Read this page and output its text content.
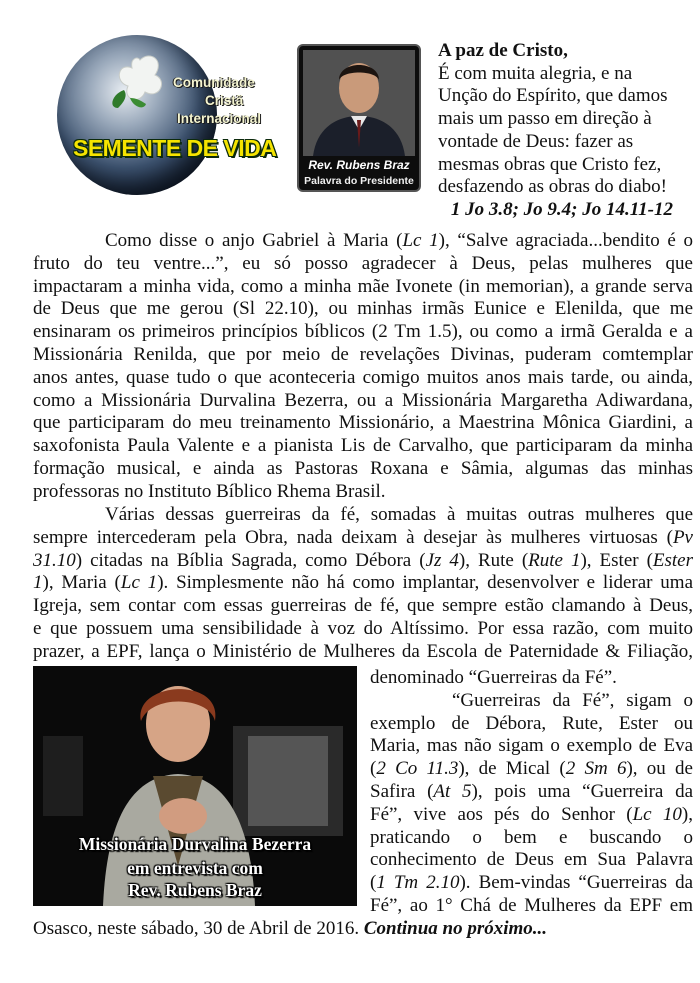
Comunidade
Cristã
Internacional
SEMENTE DE VIDA
Rev. Rubens Braz
Palavra do Presidente
A paz de Cristo,
É com muita alegria, e na
Unção do Espírito, que damos
mais um passo em direção à
vontade de Deus: fazer as
mesmas obras que Cristo fez,
desfazendo as obras do diabo!
1 Jo 3.8; Jo 9.4; Jo 14.11-12
Como disse o anjo Gabriel à Maria (Lc 1), “Salve agraciada...bendito é o
fruto do teu ventre...”, eu só posso agradecer à Deus, pelas mulheres que
impactaram a minha vida, como a minha mãe Ivonete (in memorian), a grande serva
de Deus que me gerou (Sl 22.10), ou minhas irmãs Eunice e Elenilda, que me
ensinaram os primeiros princípios bíblicos (2 Tm 1.5), ou como a irmã Geralda e a
Missionária Renilda, que por meio de revelações Divinas, puderam comtemplar
anos antes, quase tudo o que aconteceria comigo muitos anos mais tarde, ou ainda,
como a Missionária Durvalina Bezerra, ou a Missionária Margaretha Adiwardana,
que participaram do meu treinamento Missionário, a Maestrina Mônica Giardini, a
saxofonista Paula Valente e a pianista Lis de Carvalho, que participaram da minha
formação musical, e ainda as Pastoras Roxana e Sâmia, algumas das minhas
professoras no Instituto Bíblico Rhema Brasil.
Várias dessas guerreiras da fé, somadas à muitas outras mulheres que
sempre intercederam pela Obra, nada deixam à desejar às mulheres virtuosas (Pv
31.10) citadas na Bíblia Sagrada, como Débora (Jz 4), Rute (Rute 1), Ester (Ester
1), Maria (Lc 1). Simplesmente não há como implantar, desenvolver e liderar uma
Igreja, sem contar com essas guerreiras de fé, que sempre estão clamando à Deus,
e que possuem uma sensibilidade à voz do Altíssimo. Por essa razão, com muito
prazer, a EPF, lança o Ministério de Mulheres da Escola de Paternidade & Filiação,
Missionária Durvalina Bezerra
em entrevista com
Rev. Rubens Braz
denominado “Guerreiras da Fé”.
“Guerreiras da Fé”, sigam o
exemplo de Débora, Rute, Ester ou
Maria, mas não sigam o exemplo de Eva
(2 Co 11.3), de Mical (2 Sm 6), ou de
Safira (At 5), pois uma “Guerreira da
Fé”, vive aos pés do Senhor (Lc 10),
praticando o bem e buscando o
conhecimento de Deus em Sua Palavra
(1 Tm 2.10). Bem-vindas “Guerreiras da
Fé”, ao 1° Chá de Mulheres da EPF em
Osasco, neste sábado, 30 de Abril de 2016. Continua no próximo...
